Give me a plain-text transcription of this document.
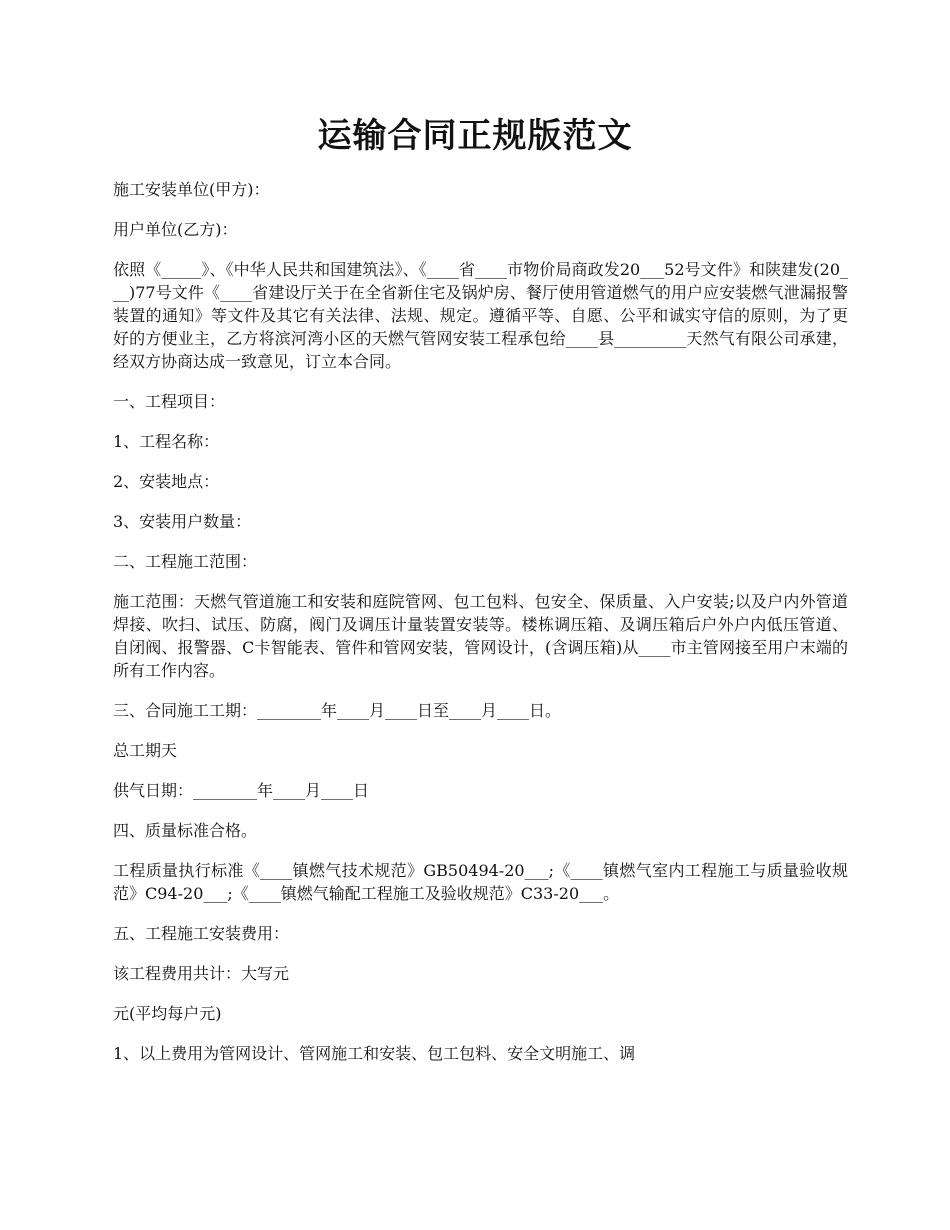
运输合同正规版范文

施工安装单位(甲方)：

用户单位(乙方)：

依照《_____》、《中华人民共和国建筑法》、《____省____市物价局商政发20___52号文件》和陕建发(20___)77号文件《____省建设厅关于在全省新住宅及锅炉房、餐厅使用管道燃气的用户应安装燃气泄漏报警装置的通知》等文件及其它有关法律、法规、规定。遵循平等、自愿、公平和诚实守信的原则，为了更好的方便业主，乙方将滨河湾小区的天燃气管网安装工程承包给____县_________天然气有限公司承建，经双方协商达成一致意见，订立本合同。

一、工程项目：

1、工程名称：

2、安装地点：

3、安装用户数量：

二、工程施工范围：

施工范围：天燃气管道施工和安装和庭院管网、包工包料、包安全、保质量、入户安装;以及户内外管道焊接、吹扫、试压、防腐，阀门及调压计量装置安装等。楼栋调压箱、及调压箱后户外户内低压管道、自闭阀、报警器、C卡智能表、管件和管网安装，管网设计，(含调压箱)从____市主管网接至用户末端的所有工作内容。

三、合同施工工期：________年____月____日至____月____日。

总工期天

供气日期：________年____月____日

四、质量标准合格。

工程质量执行标准《____镇燃气技术规范》GB50494-20___;《____镇燃气室内工程施工与质量验收规范》C94-20___;《____镇燃气输配工程施工及验收规范》C33-20___。

五、工程施工安装费用：

该工程费用共计：大写元

元(平均每户元)

1、以上费用为管网设计、管网施工和安装、包工包料、安全文明施工、调
